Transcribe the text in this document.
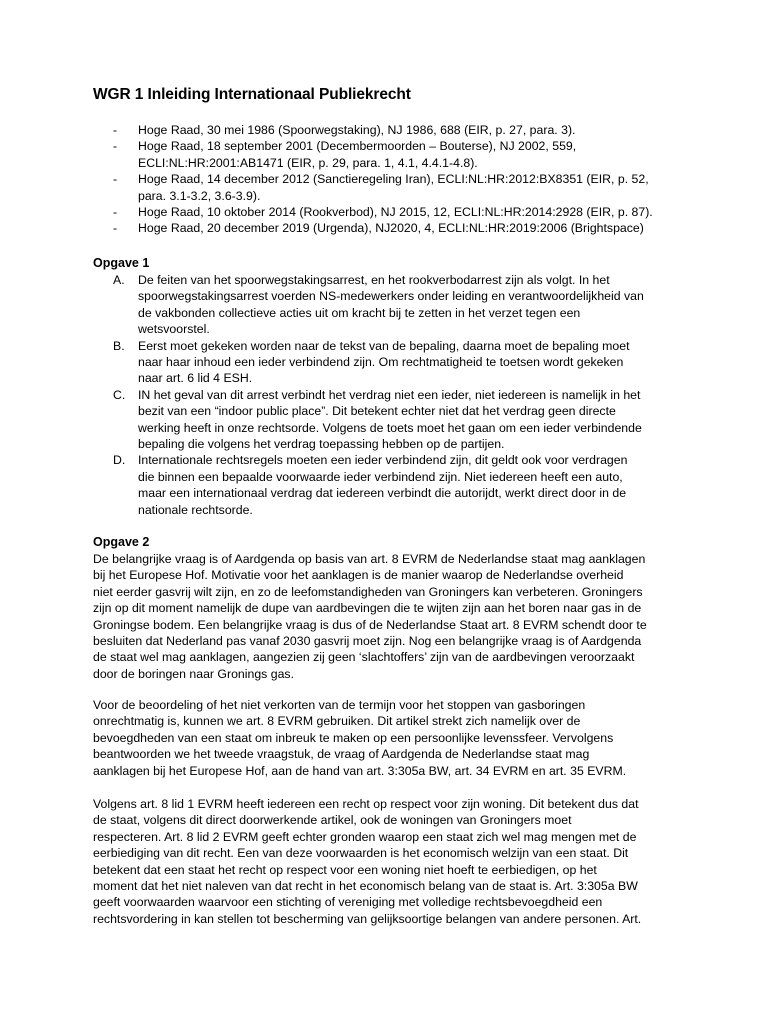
WGR 1 Inleiding Internationaal Publiekrecht
- Hoge Raad, 30 mei 1986 (Spoorwegstaking), NJ 1986, 688 (EIR, p. 27, para. 3).
- Hoge Raad, 18 september 2001 (Decembermoorden – Bouterse), NJ 2002, 559,
ECLI:NL:HR:2001:AB1471 (EIR, p. 29, para. 1, 4.1, 4.4.1-4.8).
- Hoge Raad, 14 december 2012 (Sanctieregeling Iran), ECLI:NL:HR:2012:BX8351 (EIR, p. 52,
para. 3.1-3.2, 3.6-3.9).
- Hoge Raad, 10 oktober 2014 (Rookverbod), NJ 2015, 12, ECLI:NL:HR:2014:2928 (EIR, p. 87).
- Hoge Raad, 20 december 2019 (Urgenda), NJ2020, 4, ECLI:NL:HR:2019:2006 (Brightspace)
Opgave 1
A. De feiten van het spoorwegstakingsarrest, en het rookverbodarrest zijn als volgt. In het
spoorwegstakingsarrest voerden NS-medewerkers onder leiding en verantwoordelijkheid van
de vakbonden collectieve acties uit om kracht bij te zetten in het verzet tegen een
wetsvoorstel.
B. Eerst moet gekeken worden naar de tekst van de bepaling, daarna moet de bepaling moet
naar haar inhoud een ieder verbindend zijn. Om rechtmatigheid te toetsen wordt gekeken
naar art. 6 lid 4 ESH.
C. IN het geval van dit arrest verbindt het verdrag niet een ieder, niet iedereen is namelijk in het
bezit van een “indoor public place”. Dit betekent echter niet dat het verdrag geen directe
werking heeft in onze rechtsorde. Volgens de toets moet het gaan om een ieder verbindende
bepaling die volgens het verdrag toepassing hebben op de partijen.
D. Internationale rechtsregels moeten een ieder verbindend zijn, dit geldt ook voor verdragen
die binnen een bepaalde voorwaarde ieder verbindend zijn. Niet iedereen heeft een auto,
maar een internationaal verdrag dat iedereen verbindt die autorijdt, werkt direct door in de
nationale rechtsorde.
Opgave 2
De belangrijke vraag is of Aardgenda op basis van art. 8 EVRM de Nederlandse staat mag aanklagen
bij het Europese Hof. Motivatie voor het aanklagen is de manier waarop de Nederlandse overheid
niet eerder gasvrij wilt zijn, en zo de leefomstandigheden van Groningers kan verbeteren. Groningers
zijn op dit moment namelijk de dupe van aardbevingen die te wijten zijn aan het boren naar gas in de
Groningse bodem. Een belangrijke vraag is dus of de Nederlandse Staat art. 8 EVRM schendt door te
besluiten dat Nederland pas vanaf 2030 gasvrij moet zijn. Nog een belangrijke vraag is of Aardgenda
de staat wel mag aanklagen, aangezien zij geen ‘slachtoffers’ zijn van de aardbevingen veroorzaakt
door de boringen naar Gronings gas.
Voor de beoordeling of het niet verkorten van de termijn voor het stoppen van gasboringen
onrechtmatig is, kunnen we art. 8 EVRM gebruiken. Dit artikel strekt zich namelijk over de
bevoegdheden van een staat om inbreuk te maken op een persoonlijke levenssfeer. Vervolgens
beantwoorden we het tweede vraagstuk, de vraag of Aardgenda de Nederlandse staat mag
aanklagen bij het Europese Hof, aan de hand van art. 3:305a BW, art. 34 EVRM en art. 35 EVRM.
Volgens art. 8 lid 1 EVRM heeft iedereen een recht op respect voor zijn woning. Dit betekent dus dat
de staat, volgens dit direct doorwerkende artikel, ook de woningen van Groningers moet
respecteren. Art. 8 lid 2 EVRM geeft echter gronden waarop een staat zich wel mag mengen met de
eerbiediging van dit recht. Een van deze voorwaarden is het economisch welzijn van een staat. Dit
betekent dat een staat het recht op respect voor een woning niet hoeft te eerbiedigen, op het
moment dat het niet naleven van dat recht in het economisch belang van de staat is. Art. 3:305a BW
geeft voorwaarden waarvoor een stichting of vereniging met volledige rechtsbevoegdheid een
rechtsvordering in kan stellen tot bescherming van gelijksoortige belangen van andere personen. Art.
